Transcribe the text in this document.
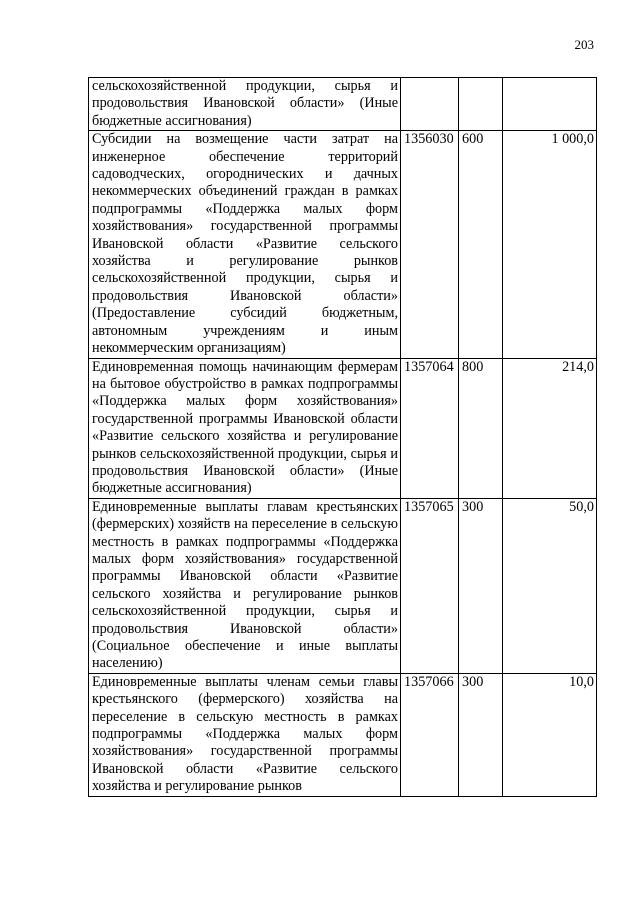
203
сельскохозяйственной продукции, сырья и продовольствия Ивановской области» (Иные бюджетные ассигнования)			
Субсидии на возмещение части затрат на инженерное обеспечение территорий садоводческих, огороднических и дачных некоммерческих объединений граждан в рамках подпрограммы «Поддержка малых форм хозяйствования» государственной программы Ивановской области «Развитие сельского хозяйства и регулирование рынков сельскохозяйственной продукции, сырья и продовольствия Ивановской области» (Предоставление субсидий бюджетным, автономным учреждениям и иным некоммерческим организациям)	1356030	600	1 000,0
Единовременная помощь начинающим фермерам на бытовое обустройство в рамках подпрограммы «Поддержка малых форм хозяйствования» государственной программы Ивановской области «Развитие сельского хозяйства и регулирование рынков сельскохозяйственной продукции, сырья и продовольствия Ивановской области» (Иные бюджетные ассигнования)	1357064	800	214,0
Единовременные выплаты главам крестьянских (фермерских) хозяйств на переселение в сельскую местность в рамках подпрограммы «Поддержка малых форм хозяйствования» государственной программы Ивановской области «Развитие сельского хозяйства и регулирование рынков сельскохозяйственной продукции, сырья и продовольствия Ивановской области» (Социальное обеспечение и иные выплаты населению)	1357065	300	50,0
Единовременные выплаты членам семьи главы крестьянского (фермерского) хозяйства на переселение в сельскую местность в рамках подпрограммы «Поддержка малых форм хозяйствования» государственной программы Ивановской области «Развитие сельского хозяйства и регулирование рынков	1357066	300	10,0
